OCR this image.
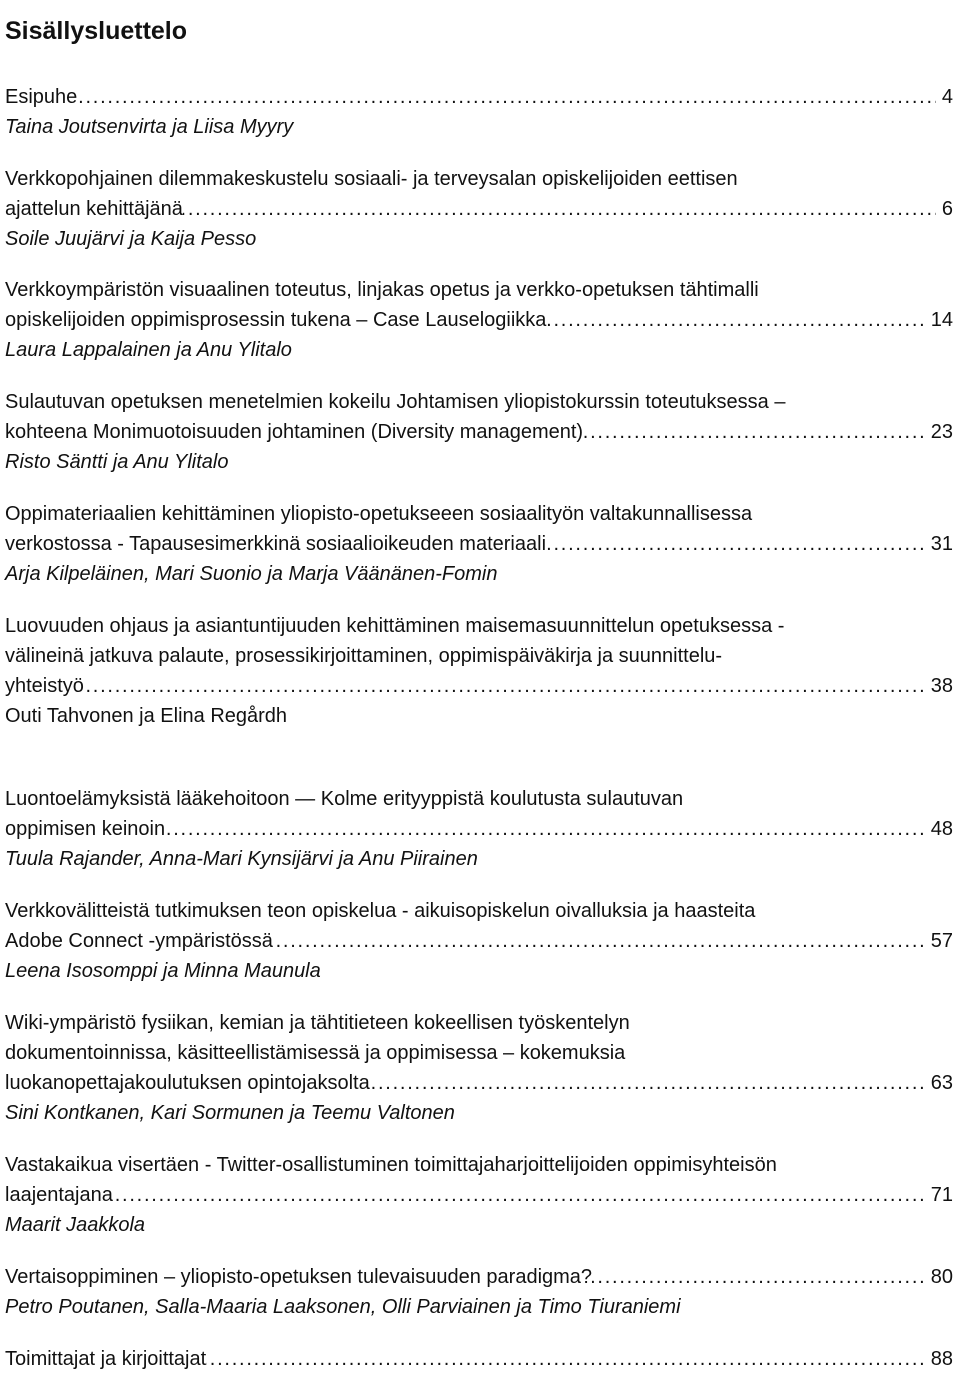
Sisällysluettelo
Esipuhe . . .	4
Taina Joutsenvirta ja Liisa Myyry
Verkkopohjainen dilemmakeskustelu sosiaali- ja terveysalan opiskelijoiden eettisen
ajattelun kehittäjänä . . .	6
Soile Juujärvi ja Kaija Pesso
Verkkoympäristön visuaalinen toteutus, linjakas opetus ja verkko-opetuksen tähtimalli
opiskelijoiden oppimisprosessin tukena – Case Lauselogiikka . . .	14
Laura Lappalainen ja Anu Ylitalo
Sulautuvan opetuksen menetelmien kokeilu Johtamisen yliopistokurssin toteutuksessa –
kohteena Monimuotoisuuden johtaminen (Diversity management) . . .	23
Risto Säntti ja Anu Ylitalo
Oppimateriaalien kehittäminen yliopisto-opetukseeen sosiaalityön valtakunnallisessa
verkostossa - Tapausesimerkkinä sosiaalioikeuden materiaali . . .	31
Arja Kilpeläinen, Mari Suonio ja Marja Väänänen-Fomin
Luovuuden ohjaus ja asiantuntijuuden kehittäminen maisemasuunnittelun opetuksessa -
välineinä jatkuva palaute, prosessikirjoittaminen, oppimispäiväkirja ja suunnittelu-
yhteistyö . . .	38
Outi Tahvonen ja Elina Regårdh
Luontoelämyksistä lääkehoitoon — Kolme erityyppistä koulutusta sulautuvan
oppimisen keinoin . . .	48
Tuula Rajander, Anna-Mari Kynsijärvi ja Anu Piirainen
Verkkovälitteistä tutkimuksen teon opiskelua - aikuisopiskelun oivalluksia ja haasteita
Adobe Connect -ympäristössä . . .	57
Leena Isosomppi ja Minna Maunula
Wiki-ympäristö fysiikan, kemian ja tähtitieteen kokeellisen työskentelyn
dokumentoinnissa, käsitteellistämisessä ja oppimisessa – kokemuksia
luokanopettajakoulutuksen opintojaksolta . . .	63
Sini Kontkanen, Kari Sormunen ja Teemu Valtonen
Vastakaikua visertäen - Twitter-osallistuminen toimittajaharjoittelijoiden oppimisyhteisön
laajentajana . . .	71
Maarit Jaakkola
Vertaisoppiminen – yliopisto-opetuksen tulevaisuuden paradigma? . . .	80
Petro Poutanen, Salla-Maaria Laaksonen, Olli Parviainen ja Timo Tiuraniemi
Toimittajat ja kirjoittajat . . .	88
